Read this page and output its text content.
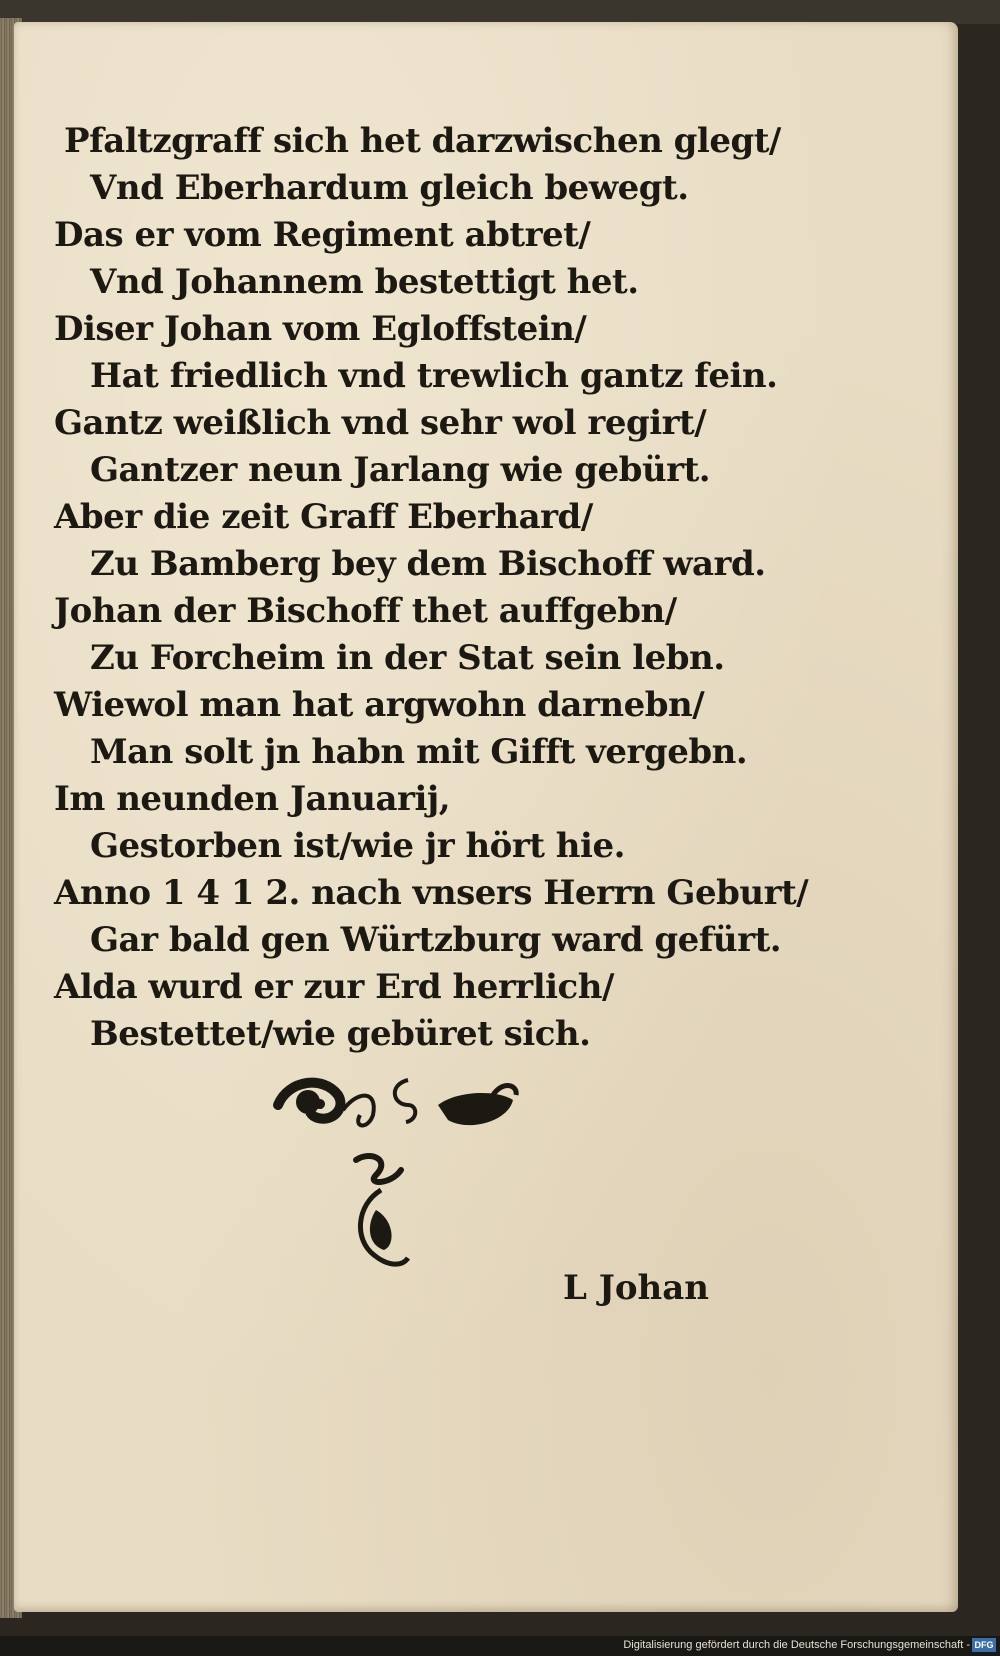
Pfaltzgraff sich het darzwischen glegt/
Vnd Eberhardum gleich bewegt.
Das er vom Regiment abtret/
Vnd Johannem bestettigt het.
Diser Johan vom Egloffstein/
Hat friedlich vnd trewlich gantz fein.
Gantz weißlich vnd sehr wol regirt/
Gantzer neun Jarlang wie gebürt.
Aber die zeit Graff Eberhard/
Zu Bamberg bey dem Bischoff ward.
Johan der Bischoff thet auffgebn/
Zu Forcheim in der Stat sein lebn.
Wiewol man hat argwohn darnebn/
Man solt jn habn mit Gifft vergebn.
Im neunden Januarij,
Gestorben ist/wie jr hört hie.
Anno 1 4 1 2. nach vnsers Herrn Geburt/
Gar bald gen Würtzburg ward gefürt.
Alda wurd er zur Erd herrlich/
Bestettet/wie gebüret sich.
L Johan
Digitalisierung gefördert durch die Deutsche Forschungsgemeinschaft - DFG
